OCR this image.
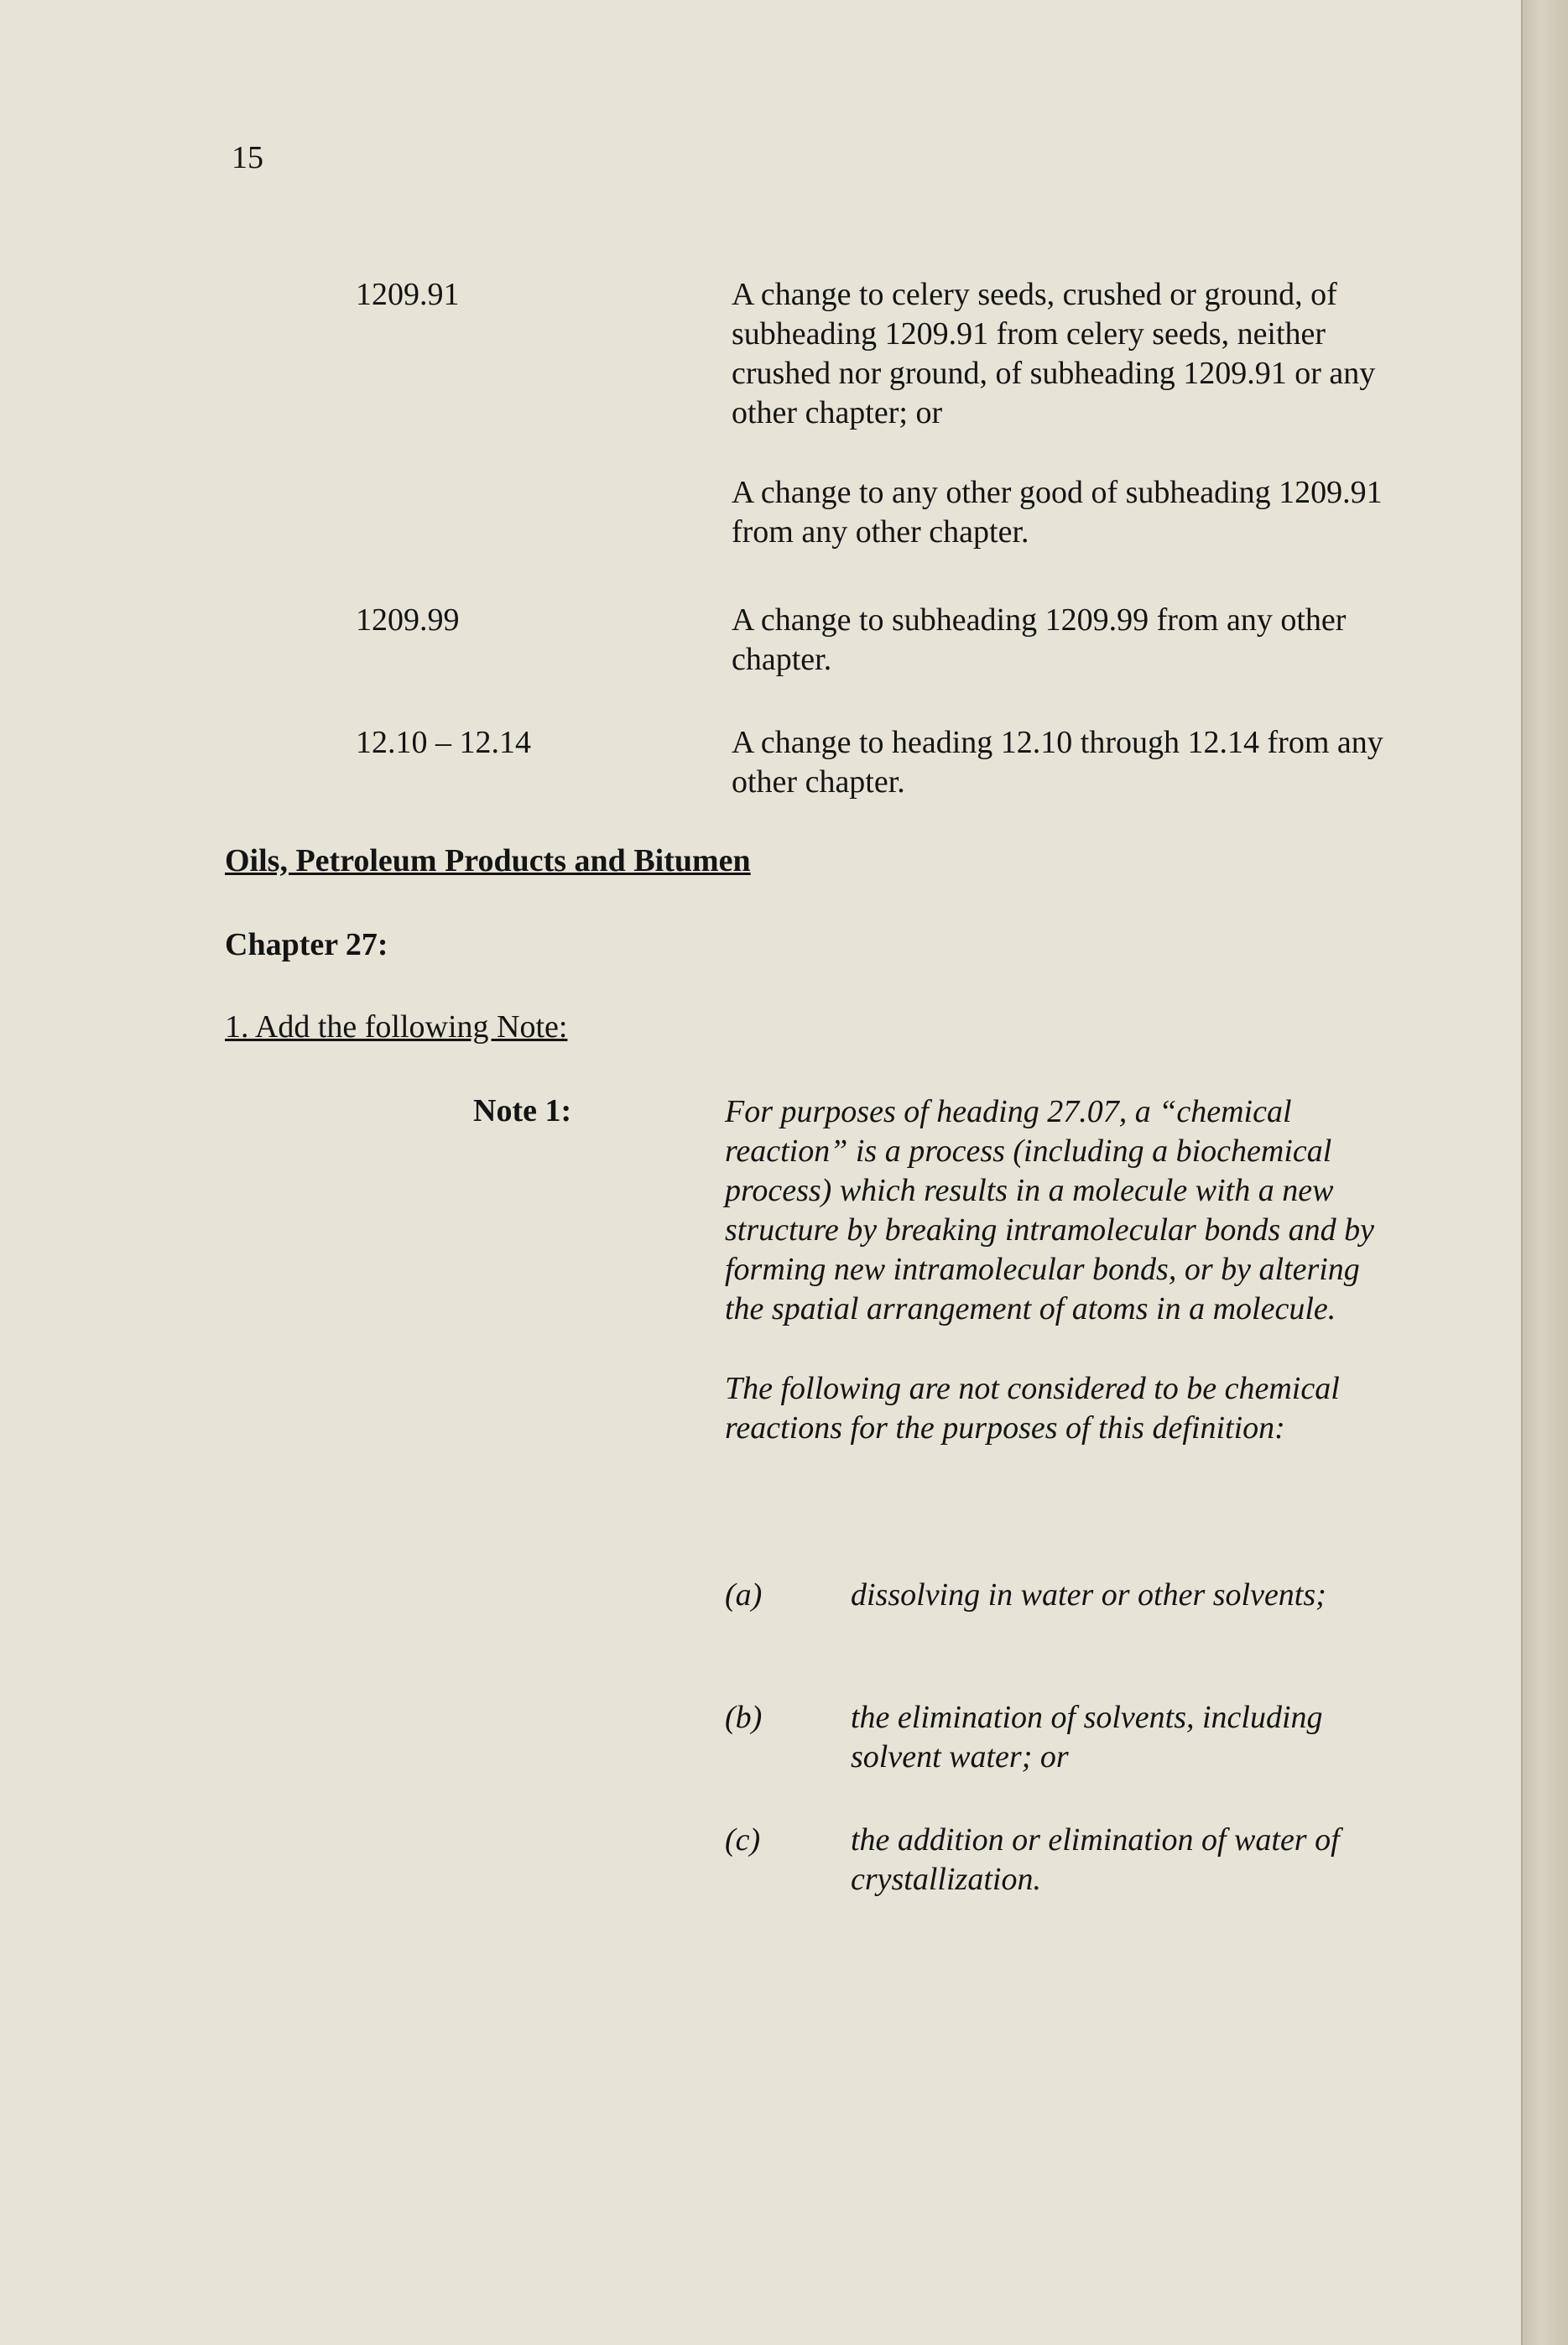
15
1209.91	A change to celery seeds, crushed or ground, of subheading 1209.91 from celery seeds, neither crushed nor ground, of subheading 1209.91 or any other chapter; or

A change to any other good of subheading 1209.91 from any other chapter.

1209.99	A change to subheading 1209.99 from any other chapter.

12.10 – 12.14	A change to heading 12.10 through 12.14 from any other chapter.

Oils, Petroleum Products and Bitumen
Chapter 27:
1. Add the following Note:
Note 1:	For purposes of heading 27.07, a “chemical reaction” is a process (including a biochemical process) which results in a molecule with a new structure by breaking intramolecular bonds and by forming new intramolecular bonds, or by altering the spatial arrangement of atoms in a molecule.

The following are not considered to be chemical reactions for the purposes of this definition:

(a)	dissolving in water or other solvents;
(b)	the elimination of solvents, including solvent water; or
(c)	the addition or elimination of water of crystallization.
